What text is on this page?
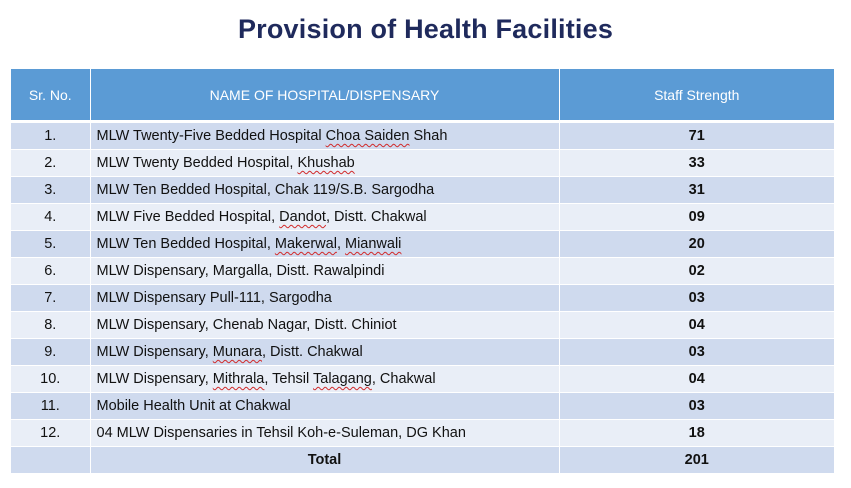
Provision of Health Facilities
Sr. No.	NAME OF HOSPITAL/DISPENSARY	Staff Strength
1.	MLW Twenty-Five Bedded Hospital Choa Saiden Shah	71
2.	MLW Twenty Bedded Hospital, Khushab	33
3.	MLW Ten Bedded Hospital, Chak 119/S.B. Sargodha	31
4.	MLW Five Bedded Hospital, Dandot, Distt. Chakwal	09
5.	MLW Ten Bedded Hospital, Makerwal, Mianwali	20
6.	MLW Dispensary, Margalla, Distt. Rawalpindi	02
7.	MLW Dispensary Pull-111, Sargodha	03
8.	MLW Dispensary, Chenab Nagar, Distt. Chiniot	04
9.	MLW Dispensary, Munara, Distt. Chakwal	03
10.	MLW Dispensary, Mithrala, Tehsil Talagang, Chakwal	04
11.	Mobile Health Unit at Chakwal	03
12.	04 MLW Dispensaries in Tehsil Koh-e-Suleman, DG Khan	18
	Total	201
